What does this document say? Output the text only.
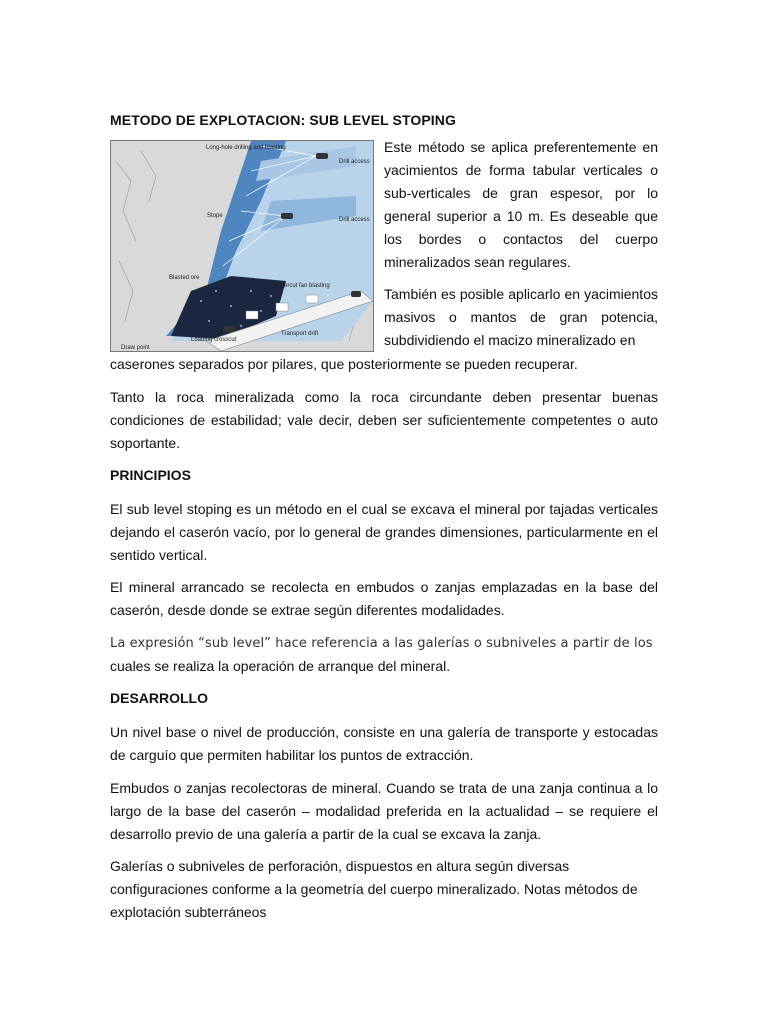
METODO DE EXPLOTACION: SUB LEVEL STOPING
Long-hole drilling and blasting
Drill access
Stope
Drill access
Blasted ore
Undercut fan blasting
Transport drift
Loading crosscut
Draw point

Este método se aplica preferentemente en yacimientos de forma tabular verticales o sub-verticales de gran espesor, por lo general superior a 10 m. Es deseable que los bordes o contactos del cuerpo mineralizados sean regulares.

También es posible aplicarlo en yacimientos masivos o mantos de gran potencia, subdividiendo el macizo mineralizado en

caserones separados por pilares, que posteriormente se pueden recuperar.
Tanto la roca mineralizada como la roca circundante deben presentar buenas condiciones de estabilidad; vale decir, deben ser suficientemente competentes o auto soportante.
PRINCIPIOS
El sub level stoping es un método en el cual se excava el mineral por tajadas verticales dejando el caserón vacío, por lo general de grandes dimensiones, particularmente en el sentido vertical.
El mineral arrancado se recolecta en embudos o zanjas emplazadas en la base del caserón, desde donde se extrae según diferentes modalidades.
La expresión “sub level” hace referencia a las galerías o subniveles a partir de los
cuales se realiza la operación de arranque del mineral.
DESARROLLO
Un nivel base o nivel de producción, consiste en una galería de transporte y estocadas de carguío que permiten habilitar los puntos de extracción.
Embudos o zanjas recolectoras de mineral. Cuando se trata de una zanja continua a lo largo de la base del caserón – modalidad preferida en la actualidad – se requiere el desarrollo previo de una galería a partir de la cual se excava la zanja.
Galerías o subniveles de perforación, dispuestos en altura según diversas configuraciones conforme a la geometría del cuerpo mineralizado. Notas métodos de explotación subterráneos
